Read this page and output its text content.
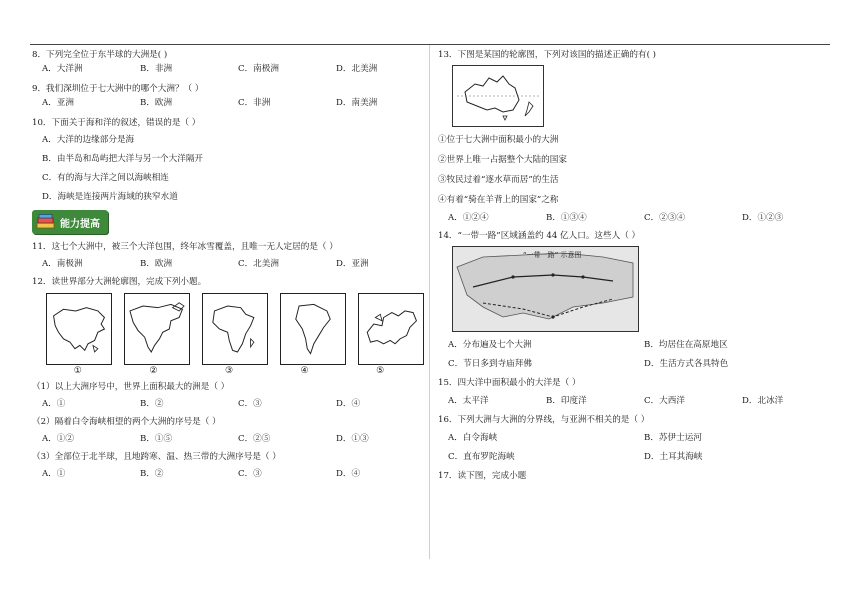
8．下列完全位于东半球的大洲是( )

A．大洋洲	B．非洲	C．南极洲	D．北美洲

9．我们深圳位于七大洲中的哪个大洲？（ ）

A．亚洲	B．欧洲	C．非洲	D．南美洲

10．下面关于海和洋的叙述，错误的是（ ）

A．大洋的边缘部分是海
B．由半岛和岛屿把大洋与另一个大洋隔开
C．有的海与大洋之间以海峡相连
D．海峡是连接两片海域的狭窄水道
能力提高

11．这七个大洲中，被三个大洋包围，终年冰雪覆盖，且唯一无人定居的是（ ）

A．南极洲	B．欧洲	C．北美洲	D．亚洲

12．读世界部分大洲轮廓图，完成下列小题。

①	②	③	④	⑤

（1）以上大洲序号中，世界上面积最大的洲是（ ）

A．①	B．②	C．③	D．④

（2）隔着白令海峡相望的两个大洲的序号是（ ）

A．①②	B．①⑤	C．②⑤	D．①③

（3）全部位于北半球，且地跨寒、温、热三带的大洲序号是（ ）

A．①	B．②	C．③	D．④

13．下图是某国的轮廓图，下列对该国的描述正确的有( )

①位于七大洲中面积最小的大洲
②世界上唯一占据整个大陆的国家
③牧民过着“逐水草而居”的生活
④有着“骑在羊背上的国家”之称
A．①②④	B．①③④	C．②③④	D．①②③

14．“一带一路”区域涵盖约 44 亿人口。这些人（ ）

“一带一路” 示意图
A．分布遍及七个大洲	B．均居住在高原地区
C．节日多到寺庙拜佛	D．生活方式各具特色

15．四大洋中面积最小的大洋是（ ）

A．太平洋	B．印度洋	C．大西洋	D．北冰洋

16．下列大洲与大洲的分界线，与亚洲不相关的是（ ）

A．白令海峡	B．苏伊士运河
C．直布罗陀海峡	D．土耳其海峡

17．读下图，完成小题
